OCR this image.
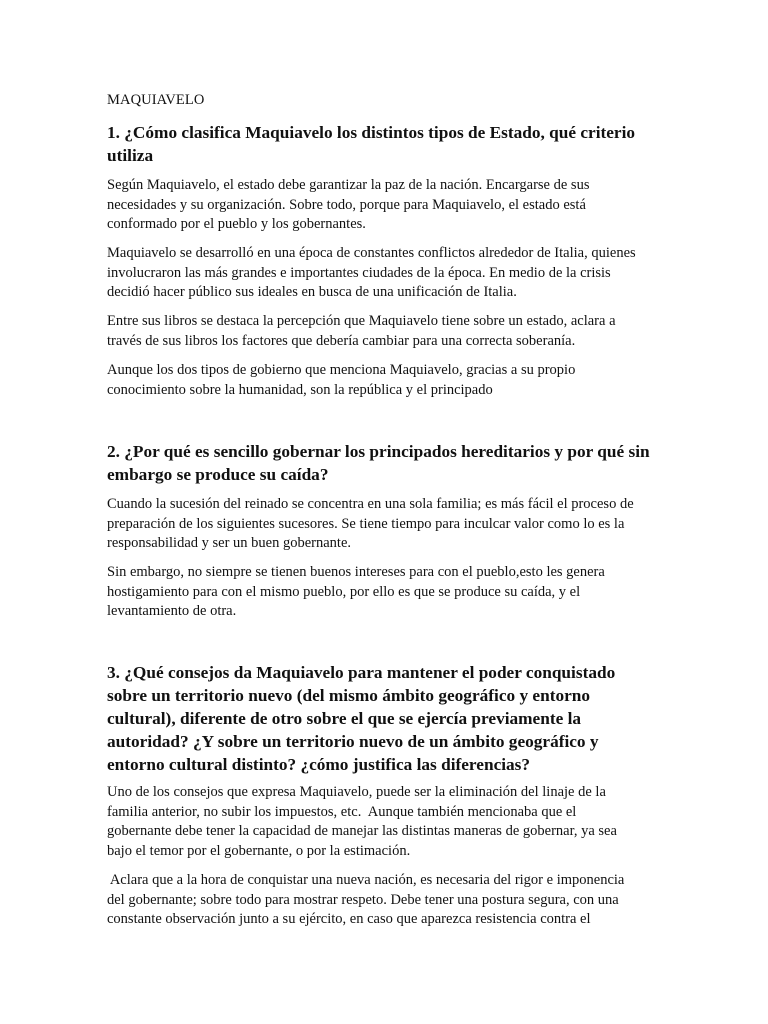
MAQUIAVELO
1. ¿Cómo clasifica Maquiavelo los distintos tipos de Estado, qué criterio
utiliza
Según Maquiavelo, el estado debe garantizar la paz de la nación. Encargarse de sus
necesidades y su organización. Sobre todo, porque para Maquiavelo, el estado está
conformado por el pueblo y los gobernantes.
Maquiavelo se desarrolló en una época de constantes conflictos alrededor de Italia, quienes
involucraron las más grandes e importantes ciudades de la época. En medio de la crisis
decidió hacer público sus ideales en busca de una unificación de Italia.
Entre sus libros se destaca la percepción que Maquiavelo tiene sobre un estado, aclara a
través de sus libros los factores que debería cambiar para una correcta soberanía.
Aunque los dos tipos de gobierno que menciona Maquiavelo, gracias a su propio
conocimiento sobre la humanidad, son la república y el principado
2. ¿Por qué es sencillo gobernar los principados hereditarios y por qué sin
embargo se produce su caída?
Cuando la sucesión del reinado se concentra en una sola familia; es más fácil el proceso de
preparación de los siguientes sucesores. Se tiene tiempo para inculcar valor como lo es la
responsabilidad y ser un buen gobernante.
Sin embargo, no siempre se tienen buenos intereses para con el pueblo,esto les genera
hostigamiento para con el mismo pueblo, por ello es que se produce su caída, y el
levantamiento de otra.
3. ¿Qué consejos da Maquiavelo para mantener el poder conquistado
sobre un territorio nuevo (del mismo ámbito geográfico y entorno
cultural), diferente de otro sobre el que se ejercía previamente la
autoridad? ¿Y sobre un territorio nuevo de un ámbito geográfico y
entorno cultural distinto? ¿cómo justifica las diferencias?
Uno de los consejos que expresa Maquiavelo, puede ser la eliminación del linaje de la
familia anterior, no subir los impuestos, etc.  Aunque también mencionaba que el
gobernante debe tener la capacidad de manejar las distintas maneras de gobernar, ya sea
bajo el temor por el gobernante, o por la estimación.
Aclara que a la hora de conquistar una nueva nación, es necesaria del rigor e imponencia
del gobernante; sobre todo para mostrar respeto. Debe tener una postura segura, con una
constante observación junto a su ejército, en caso que aparezca resistencia contra el
